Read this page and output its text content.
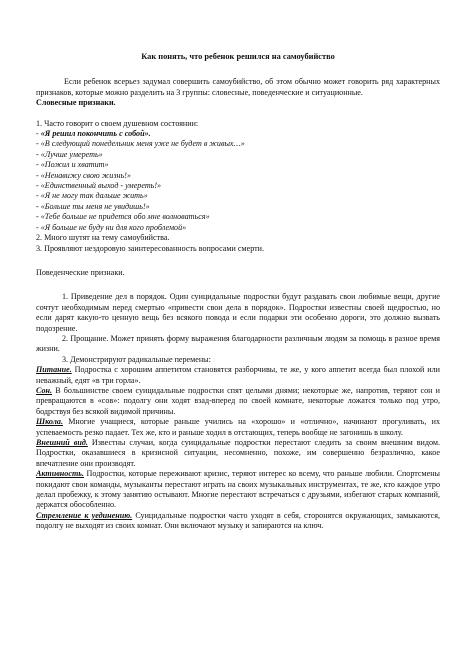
Как понять, что ребенок решился на самоубийство

Если ребенок всерьез задумал совершить самоубийство, об этом обычно может говорить ряд характерных признаков, которые можно разделить на 3 группы: словесные, поведенческие и ситуационные.

Словесные признаки.

1. Часто говорит о своем душевном состоянии:

- «Я решил покончить с собой».
- «В следующий понедельник меня уже не будет в живых…»
- «Лучше умереть»
- «Пожил и хватит»
- «Ненавижу свою жизнь!»
- «Единственный выход - умереть!»
- «Я не могу так дальше жить»
- «Больше ты меня не увидишь!»
- «Тебе больше не придется обо мне волноваться»
- «Я больше не буду ни для кого проблемой»

2. Много шутят на тему самоубийства.

3. Проявляют нездоровую заинтересованность вопросами смерти.

Поведенческие признаки.

1. Приведение дел в порядок. Один суицидальные подростки будут раздавать свои любимые вещи, другие сочтут необходимым перед смертью «привести свои дела в порядок». Подростки известны своей щедростью, но если дарят какую-то ценную вещь без всякого повода и если подарки эти особенно дороги, это должно вызвать подозрение.

2. Прощание. Может принять форму выражения благодарности различным людям за помощь в разное время жизни.

3. Демонстрируют радикальные перемены:

Питание. Подростка с хорошим аппетитом становятся разборчивы, те же, у кого аппетит всегда был плохой или неважный, едят «в три горла».

Сон. В большинстве своем суицидальные подростки спят целыми днями; некоторые же, напротив, теряют сон и превращаются в «сов»: подолгу они ходят взад-вперед по своей комнате, некоторые ложатся только под утро, бодрствуя без всякой видимой причины.

Школа. Многие учащиеся, которые раньше учились на «хорошо» и «отлично», начинают прогуливать, их успеваемость резко падает. Тех же, кто и раньше ходил в отстающих, теперь вообще не загонишь в школу.

Внешний вид. Известны случаи, когда суицидальные подростки перестают следить за своим внешним видом. Подростки, оказавшиеся в кризисной ситуации, несомненно, похоже, им совершенно безразлично, какое впечатление они производят.

Активность. Подростки, которые переживают кризис, теряют интерес ко всему, что раньше любили. Спортсмены покидают свои команды, музыканты перестают играть на своих музыкальных инструментах, те же, кто каждое утро делал пробежку, к этому занятию остывают. Многие перестают встречаться с друзьями, избегают старых компаний, держатся обособленно.

Стремление к уединению. Суицидальные подростки часто уходят в себя, сторонятся окружающих, замыкаются, подолгу не выходят из своих комнат. Они включают музыку и запираются на ключ.
